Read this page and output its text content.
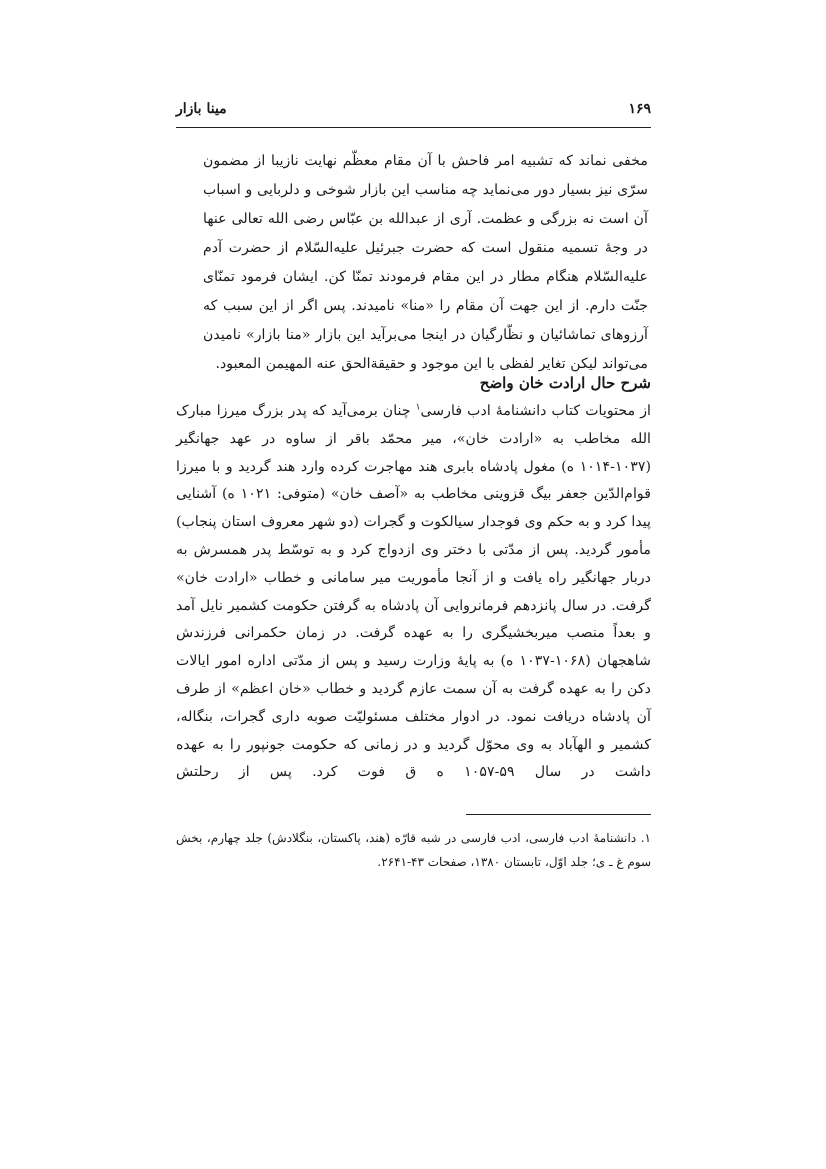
۱۶۹
مینا بازار

مخفی نماند که تشبیه امر فاحش با آن مقام معظّم نهایت نازیبا از مضمون سرّی نیز بسیار دور می‌نماید چه مناسب این بازار شوخی و دلربایی و اسباب آن است نه بزرگی و عظمت. آری از عبدالله بن عبّاس رضی الله تعالی عنها در وجهٔ تسمیه منقول است که حضرت جبرئیل علیه‌السّلام از حضرت آدم علیه‌السّلام هنگام مطار در این مقام فرمودند تمنّا کن. ایشان فرمود تمنّای جنّت دارم. از این جهت آن مقام را «منا» نامیدند. پس اگر از این سبب که آرزوهای تماشائیان و نظّارگیان در اینجا می‌برآید این بازار «منا بازار» نامیدن می‌تواند لیکن تغایر لفظی با این موجود و حقیقةالحق عنه المهیمن المعبود.

شرح حال ارادت خان واضح

از محتویات کتاب دانشنامهٔ ادب فارسی$^۱$ چنان برمی‌آید که پدر بزرگ میرزا مبارک الله مخاطب به «ارادت خان»، میر محمّد باقر از ساوه در عهد جهانگیر (۱۰۳۷-۱۰۱۴ ه) مغول پادشاه بابری هند مهاجرت کرده وارد هند گردید و با میرزا قوام‌الدّین جعفر بیگ قزوینی مخاطب به «آصف خان» (متوفی: ۱۰۲۱ ه) آشنایی پیدا کرد و به حکم وی فوجدار سیالکوت و گجرات (دو شهر معروف استان پنجاب) مأمور گردید. پس از مدّتی با دختر وی ازدواج کرد و به توسّط پدر همسرش به دربار جهانگیر راه یافت و از آنجا مأموریت میر سامانی و خطاب «ارادت خان» گرفت. در سال پانزدهم فرمانروایی آن پادشاه به گرفتن حکومت کشمیر نایل آمد و بعداً منصب میربخشیگری را به عهده گرفت. در زمان حکمرانی فرزندش شاهجهان (۱۰۶۸-۱۰۳۷ ه) به پایهٔ وزارت رسید و پس از مدّتی اداره امور ایالات دکن را به عهده گرفت به آن سمت عازم گردید و خطاب «خان اعظم» از طرف آن پادشاه دریافت نمود. در ادوار مختلف مسئولیّت صوبه داری گجرات، بنگاله، کشمیر و الهآباد به وی محوّل گردید و در زمانی که حکومت جونپور را به عهده داشت در سال ۵۹-۱۰۵۷ ه ق فوت کرد. پس از رحلتش

۱. دانشنامهٔ ادب فارسی، ادب فارسی در شبه قارّه (هند، پاکستان، بنگلادش) جلد چهارم، بخش سوم غ ـ ی؛ جلد اوّل، تابستان ۱۳۸۰، صفحات ۴۳-۲۶۴۱.
